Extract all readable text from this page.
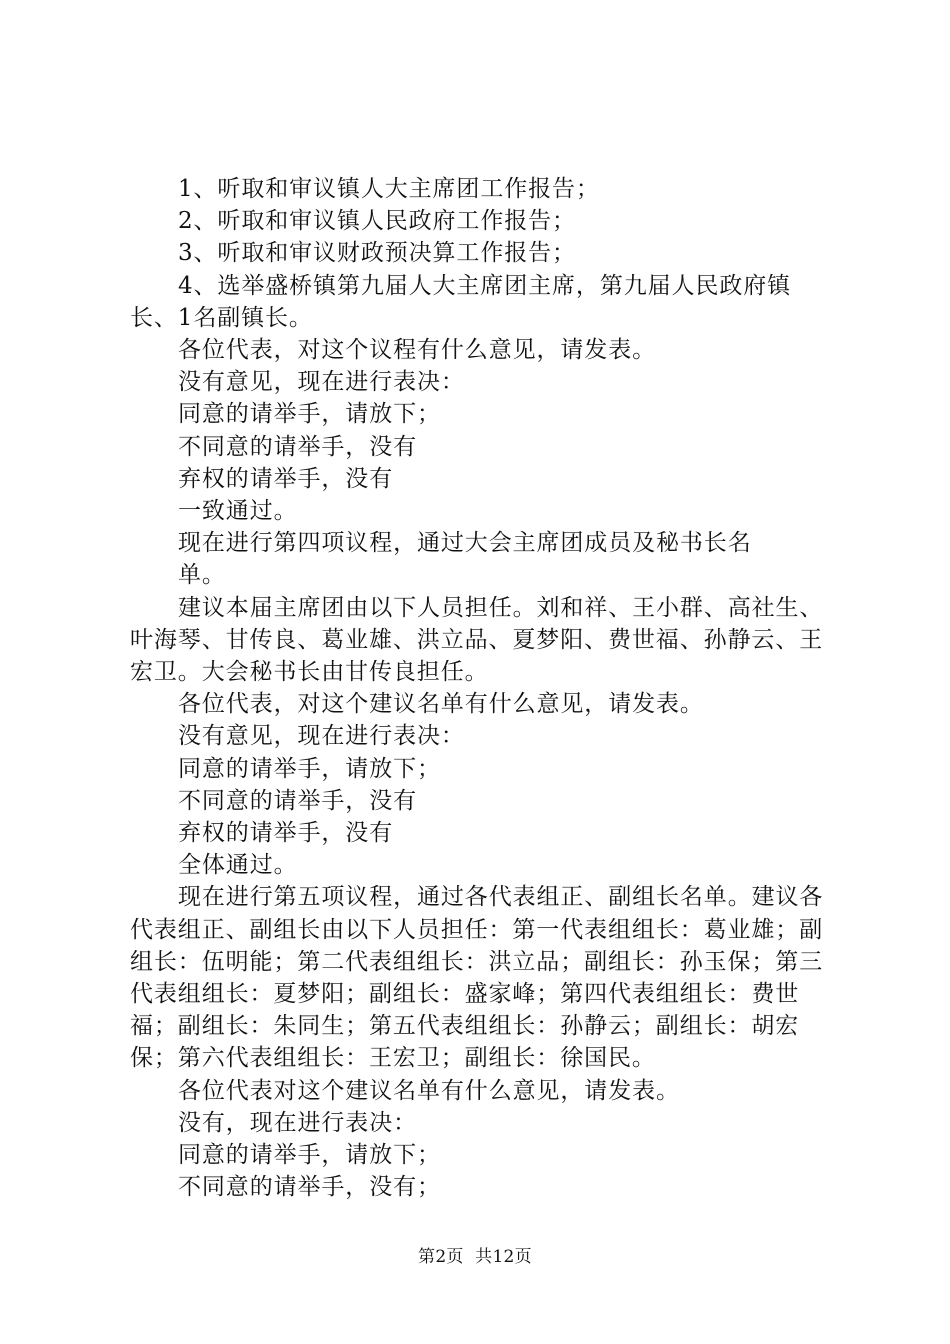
1、听取和审议镇人大主席团工作报告；

2、听取和审议镇人民政府工作报告；

3、听取和审议财政预决算工作报告；

4、选举盛桥镇第九届人大主席团主席，第九届人民政府镇长、1名副镇长。

各位代表，对这个议程有什么意见，请发表。

没有意见，现在进行表决：

同意的请举手，请放下；

不同意的请举手，没有

弃权的请举手，没有

一致通过。

现在进行第四项议程，通过大会主席团成员及秘书长名单。

建议本届主席团由以下人员担任。刘和祥、王小群、高社生、叶海琴、甘传良、葛业雄、洪立品、夏梦阳、费世福、孙静云、王宏卫。大会秘书长由甘传良担任。

各位代表，对这个建议名单有什么意见，请发表。

没有意见，现在进行表决：

同意的请举手，请放下；

不同意的请举手，没有

弃权的请举手，没有

全体通过。

现在进行第五项议程，通过各代表组正、副组长名单。建议各代表组正、副组长由以下人员担任：第一代表组组长：葛业雄；副组长：伍明能；第二代表组组长：洪立品；副组长：孙玉保；第三代表组组长：夏梦阳；副组长：盛家峰；第四代表组组长：费世福；副组长：朱同生；第五代表组组长：孙静云；副组长：胡宏保；第六代表组组长：王宏卫；副组长：徐国民。

各位代表对这个建议名单有什么意见，请发表。

没有，现在进行表决：

同意的请举手，请放下；

不同意的请举手，没有；

第2页  共12页
